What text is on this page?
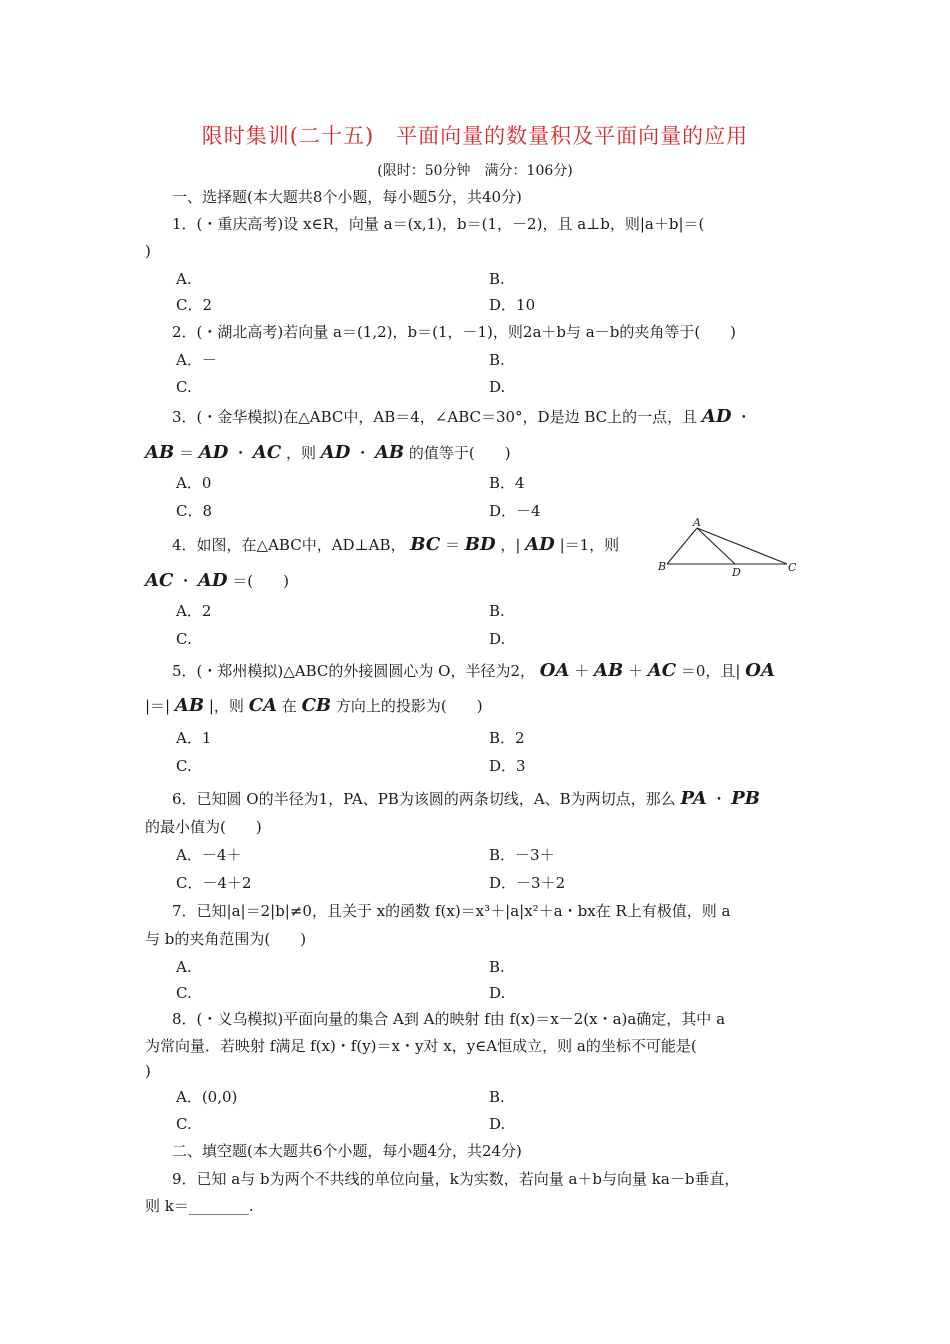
限时集训(二十五)　平面向量的数量积及平面向量的应用
(限时：50分钟　满分：106分)
一、选择题(本大题共8个小题，每小题5分，共40分)
1．(・重庆高考)设 x∈R，向量 a＝(x,1)，b＝(1，－2)，且 a⊥b，则|a＋b|＝(
)
A.	B.
C．2	D．10
2．(・湖北高考)若向量 a＝(1,2)，b＝(1，－1)，则2a＋b与 a－b的夹角等于(　　)
A．－	B.
C.	D.
3．(・金华模拟)在△ABC中，AB＝4，∠ABC＝30°，D是边 BC上的一点，且 AD ・
AB ＝ AD ・ AC ，则 AD ・ AB 的值等于(　　)
A．0	B．4
C．8	D．－4
4．如图，在△ABC中，AD⊥AB， BC ＝ BD ，| AD |＝1，则
AC ・ AD ＝(　　)
A
B	D	C
A．2	B.
C.	D.
5．(・郑州模拟)△ABC的外接圆圆心为 O，半径为2， OA ＋ AB ＋ AC ＝0，且| OA
|＝| AB |，则 CA 在 CB 方向上的投影为(　　)
A．1	B．2
C.	D．3
6．已知圆 O的半径为1，PA、PB为该圆的两条切线，A、B为两切点，那么 PA ・ PB
的最小值为(　　)
A．－4＋	B．－3＋
C．－4＋2	D．－3＋2
7．已知|a|＝2|b|≠0，且关于 x的函数 f(x)＝x³＋|a|x²＋a・bx在 R上有极值，则 a
与 b的夹角范围为(　　)
A.	B.
C.	D.
8．(・义乌模拟)平面向量的集合 A到 A的映射 f由 f(x)＝x－2(x・a)a确定，其中 a
为常向量．若映射 f满足 f(x)・f(y)＝x・y对 x，y∈A恒成立，则 a的坐标不可能是(
)
A．(0,0)	B.
C.	D.
二、填空题(本大题共6个小题，每小题4分，共24分)
9．已知 a与 b为两个不共线的单位向量，k为实数，若向量 a＋b与向量 ka－b垂直，
则 k＝________.
